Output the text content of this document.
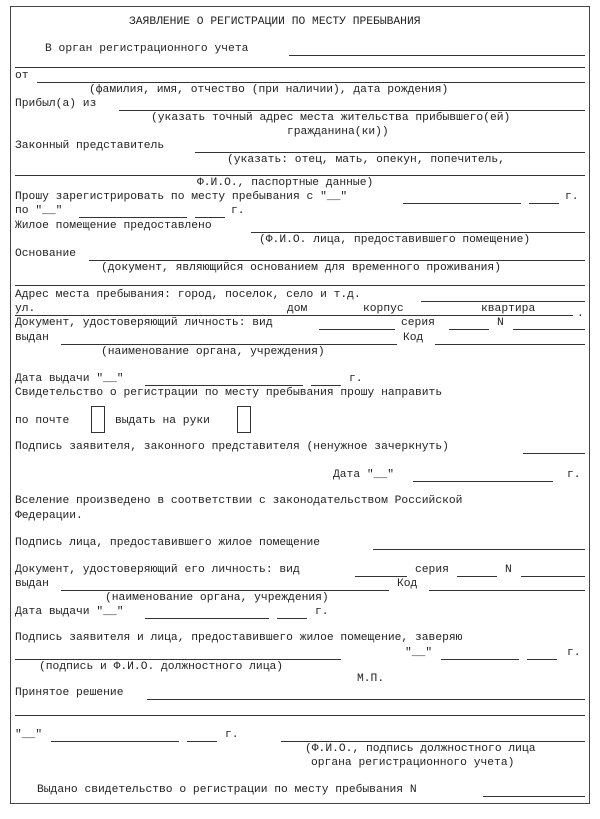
ЗАЯВЛЕНИЕ О РЕГИСТРАЦИИ ПО МЕСТУ ПРЕБЫВАНИЯ
В орган регистрационного учета
от
(фамилия, имя, отчество (при наличии), дата рождения)
Прибыл(а) из
(указать точный адрес места жительства прибывшего(ей)
гражданина(ки))
Законный представитель
(указать: отец, мать, опекун, попечитель,
Ф.И.О., паспортные данные)
Прошу зарегистрировать по месту пребывания с "__"	г.
по "__"	г.
Жилое помещение предоставлено
(Ф.И.О. лица, предоставившего помещение)
Основание
(документ, являющийся основанием для временного проживания)
Адрес места пребывания: город, поселок, село и т.д.
ул.	дом	корпус	квартира	.
Документ, удостоверяющий личность: вид	серия	N
выдан	Код
(наименование органа, учреждения)
Дата выдачи "__"	г.
Свидетельство о регистрации по месту пребывания прошу направить
по почте	выдать на руки
Подпись заявителя, законного представителя (ненужное зачеркнуть)
Дата "__"	г.
Вселение произведено в соответствии с законодательством Российской
Федерации.
Подпись лица, предоставившего жилое помещение
Документ, удостоверяющий его личность: вид	серия	N
выдан	Код
(наименование органа, учреждения)
Дата выдачи "__"	г.
Подпись заявителя и лица, предоставившего жилое помещение, заверяю
"__"	г.
(подпись и Ф.И.О. должностного лица)
М.П.
Принятое решение
"__"	г.
(Ф.И.О., подпись должностного лица
органа регистрационного учета)
Выдано свидетельство о регистрации по месту пребывания N
